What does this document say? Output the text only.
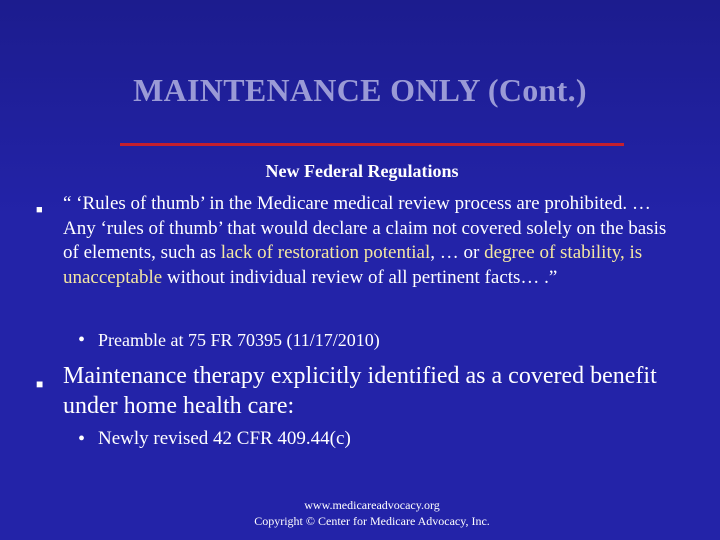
MAINTENANCE ONLY (Cont.)
New Federal Regulations
■ “ ‘Rules of thumb’ in the Medicare medical review process are prohibited. … Any ‘rules of thumb’ that would declare a claim not covered solely on the basis of elements, such as lack of restoration potential, … or degree of stability, is unacceptable without individual review of all pertinent facts… .”
• Preamble at 75 FR 70395 (11/17/2010)
■ Maintenance therapy explicitly identified as a covered benefit under home health care:
• Newly revised 42 CFR 409.44(c)
www.medicareadvocacy.org
Copyright © Center for Medicare Advocacy, Inc.
